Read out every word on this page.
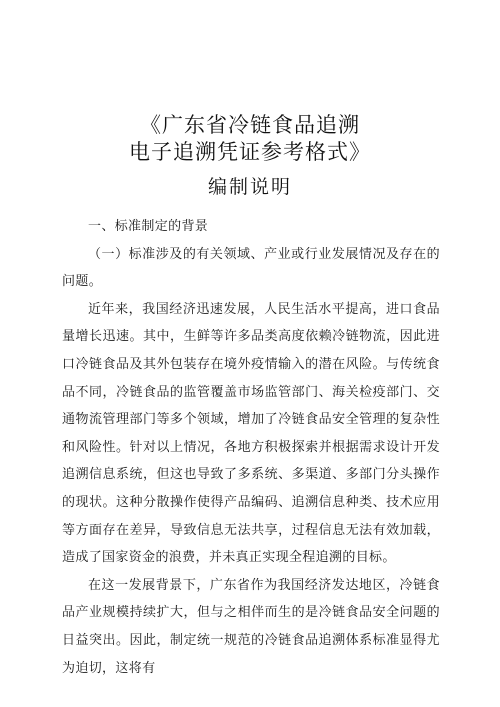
《广东省冷链食品追溯
电子追溯凭证参考格式》
编制说明

一、标准制定的背景

（一）标准涉及的有关领域、产业或行业发展情况及存在的问题。

近年来，我国经济迅速发展，人民生活水平提高，进口食品量增长迅速。其中，生鲜等许多品类高度依赖冷链物流，因此进口冷链食品及其外包装存在境外疫情输入的潜在风险。与传统食品不同，冷链食品的监管覆盖市场监管部门、海关检疫部门、交通物流管理部门等多个领域，增加了冷链食品安全管理的复杂性和风险性。针对以上情况，各地方积极探索并根据需求设计开发追溯信息系统，但这也导致了多系统、多渠道、多部门分头操作的现状。这种分散操作使得产品编码、追溯信息种类、技术应用等方面存在差异，导致信息无法共享，过程信息无法有效加载，造成了国家资金的浪费，并未真正实现全程追溯的目标。

在这一发展背景下，广东省作为我国经济发达地区，冷链食品产业规模持续扩大，但与之相伴而生的是冷链食品安全问题的日益突出。因此，制定统一规范的冷链食品追溯体系标准显得尤为迫切，这将有
